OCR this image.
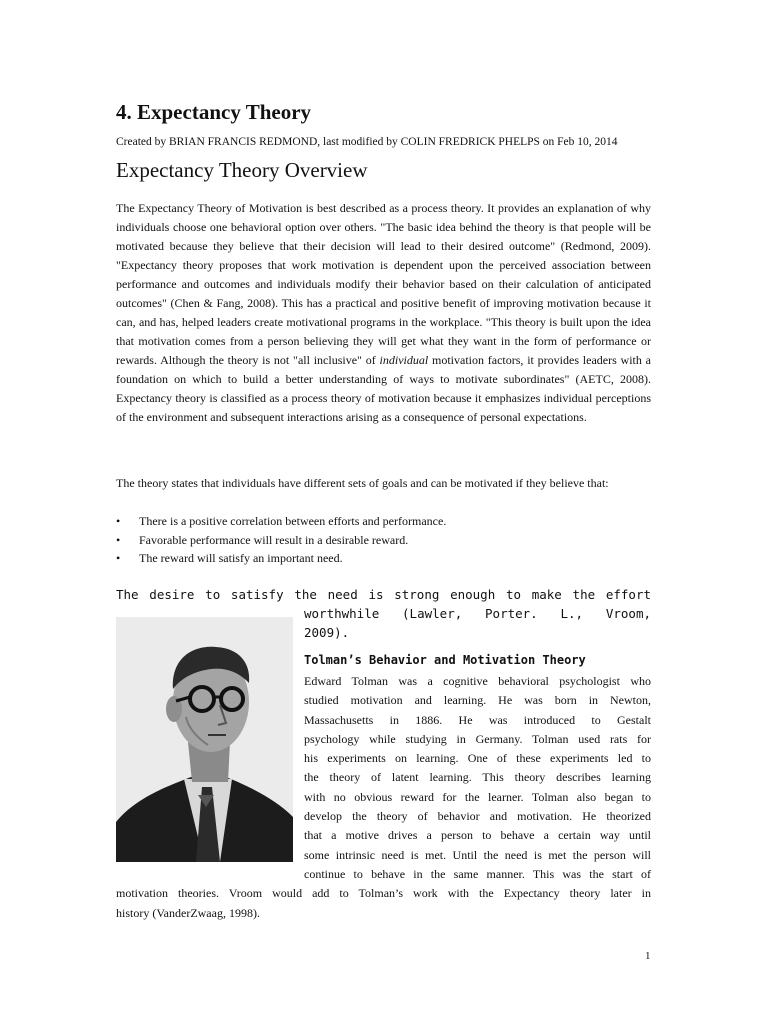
4. Expectancy Theory

Created by BRIAN FRANCIS REDMOND, last modified by COLIN FREDRICK PHELPS on Feb 10, 2014

Expectancy Theory Overview

The Expectancy Theory of Motivation is best described as a process theory. It provides an explanation of why individuals choose one behavioral option over others. "The basic idea behind the theory is that people will be motivated because they believe that their decision will lead to their desired outcome" (Redmond, 2009). "Expectancy theory proposes that work motivation is dependent upon the perceived association between performance and outcomes and individuals modify their behavior based on their calculation of anticipated outcomes" (Chen & Fang, 2008). This has a practical and positive benefit of improving motivation because it can, and has, helped leaders create motivational programs in the workplace. "This theory is built upon the idea that motivation comes from a person believing they will get what they want in the form of performance or rewards. Although the theory is not "all inclusive" of individual motivation factors, it provides leaders with a foundation on which to build a better understanding of ways to motivate subordinates" (AETC, 2008). Expectancy theory is classified as a process theory of motivation because it emphasizes individual perceptions of the environment and subsequent interactions arising as a consequence of personal expectations.

The theory states that individuals have different sets of goals and can be motivated if they believe that:

• There is a positive correlation between efforts and performance.
• Favorable performance will result in a desirable reward.
• The reward will satisfy an important need.
The desire to satisfy the need is strong enough to make the effort
worthwhile (Lawler, Porter. L., Vroom,
2009).
Tolman’s Behavior and Motivation Theory
Edward Tolman was a cognitive behavioral psychologist who
studied motivation and learning. He was born in Newton,
Massachusetts in 1886. He was introduced to Gestalt
psychology while studying in Germany. Tolman used rats for
his experiments on learning. One of these experiments led to
the theory of latent learning. This theory describes learning
with no obvious reward for the learner. Tolman also began to
develop the theory of behavior and motivation. He theorized
that a motive drives a person to behave a certain way until
some intrinsic need is met. Until the need is met the person will
continue to behave in the same manner. This was the start of
motivation theories. Vroom would add to Tolman’s work with the Expectancy theory later in
history (VanderZwaag, 1998).
1
